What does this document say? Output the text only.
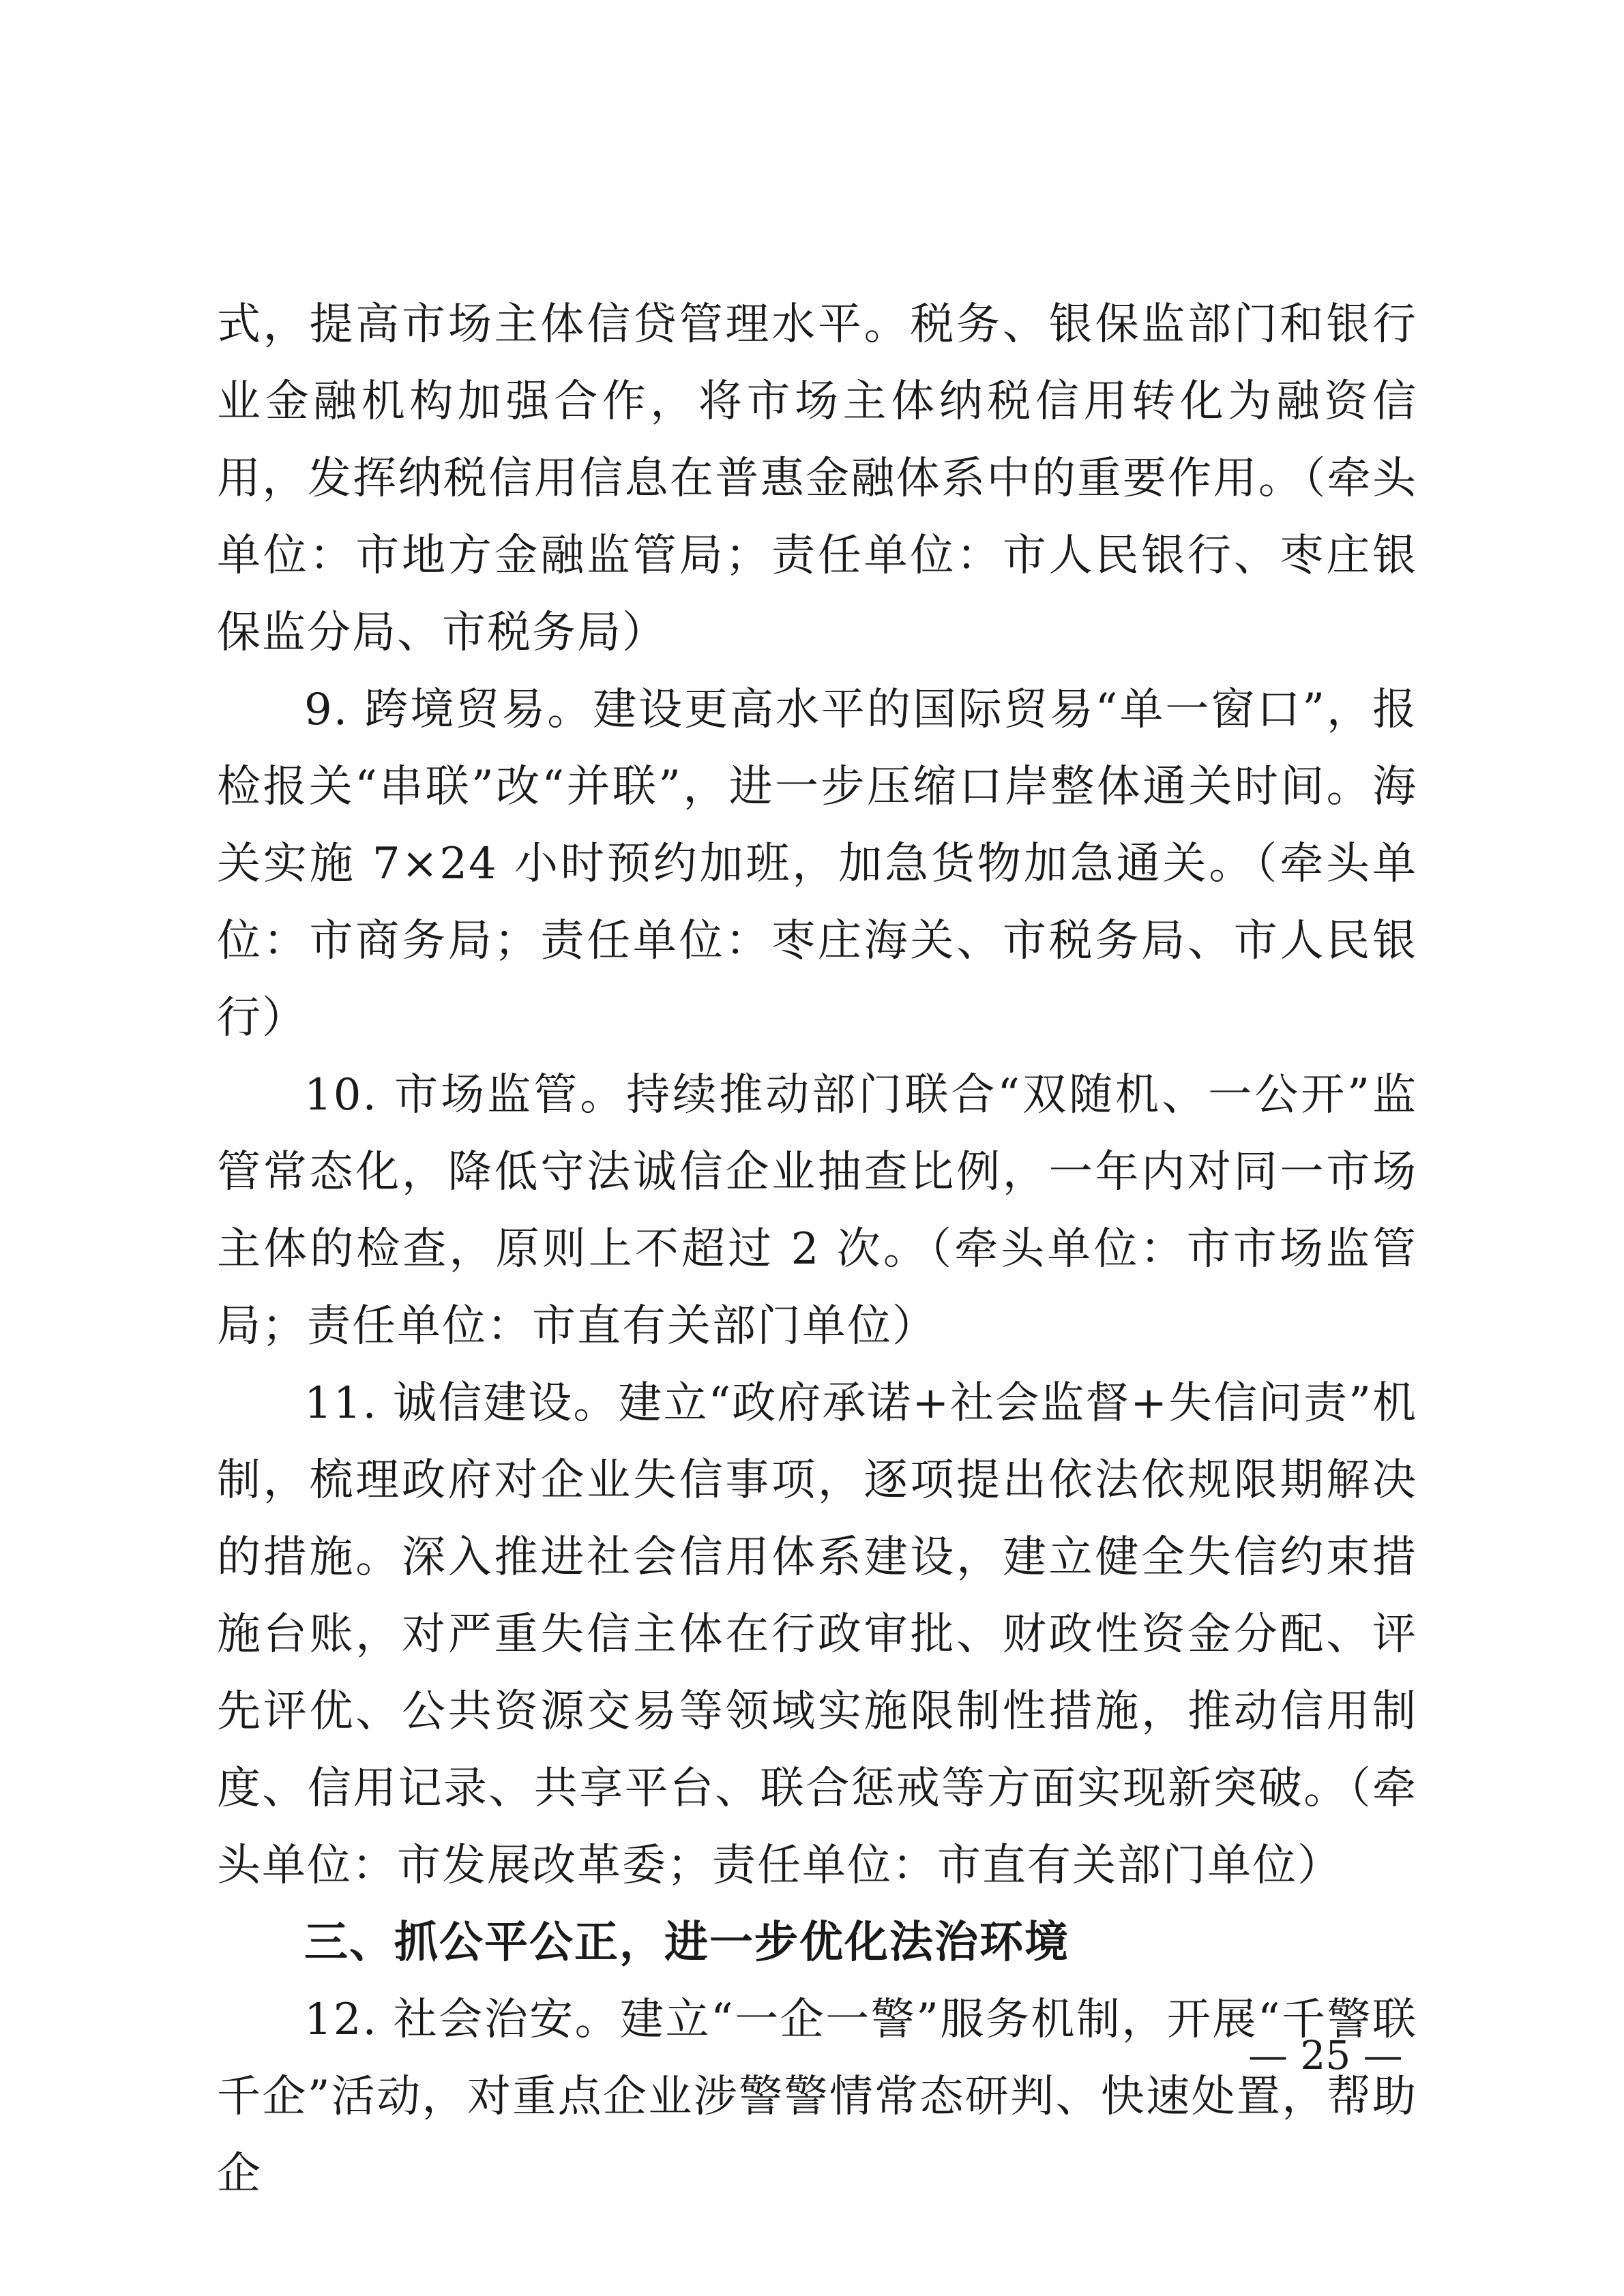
式，提高市场主体信贷管理水平。税务、银保监部门和银行业金融机构加强合作，将市场主体纳税信用转化为融资信用，发挥纳税信用信息在普惠金融体系中的重要作用。（牵头单位：市地方金融监管局；责任单位：市人民银行、枣庄银保监分局、市税务局）

9. 跨境贸易。建设更高水平的国际贸易“单一窗口”，报检报关“串联”改“并联”，进一步压缩口岸整体通关时间。海关实施 7×24 小时预约加班，加急货物加急通关。（牵头单位：市商务局；责任单位：枣庄海关、市税务局、市人民银行）

10. 市场监管。持续推动部门联合“双随机、一公开”监管常态化，降低守法诚信企业抽查比例，一年内对同一市场主体的检查，原则上不超过 2 次。（牵头单位：市市场监管局；责任单位：市直有关部门单位）

11. 诚信建设。建立“政府承诺+社会监督+失信问责”机制，梳理政府对企业失信事项，逐项提出依法依规限期解决的措施。深入推进社会信用体系建设，建立健全失信约束措施台账，对严重失信主体在行政审批、财政性资金分配、评先评优、公共资源交易等领域实施限制性措施，推动信用制度、信用记录、共享平台、联合惩戒等方面实现新突破。（牵头单位：市发展改革委；责任单位：市直有关部门单位）

三、抓公平公正，进一步优化法治环境

12. 社会治安。建立“一企一警”服务机制，开展“千警联千企”活动，对重点企业涉警警情常态研判、快速处置，帮助企

— 25 —
